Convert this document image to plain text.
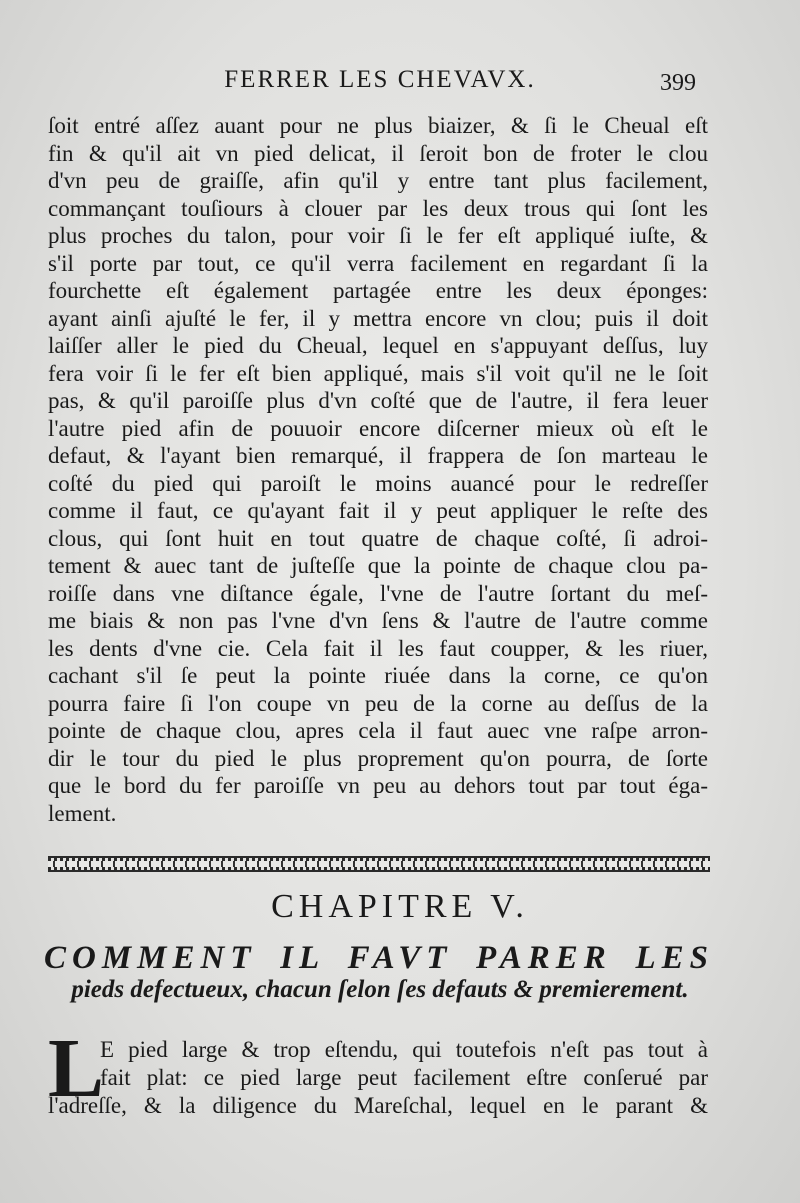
FERRER LES CHEVAVX.	399
ſoit entré aſſez auant pour ne plus biaizer, & ſi le Cheual eſt
fin & qu'il ait vn pied delicat, il ſeroit bon de froter le clou
d'vn peu de graiſſe, afin qu'il y entre tant plus facilement,
commançant touſiours à clouer par les deux trous qui ſont les
plus proches du talon, pour voir ſi le fer eſt appliqué iuſte, &
s'il porte par tout, ce qu'il verra facilement en regardant ſi la
fourchette eſt également partagée entre les deux éponges:
ayant ainſi ajuſté le fer, il y mettra encore vn clou; puis il doit
laiſſer aller le pied du Cheual, lequel en s'appuyant deſſus, luy
fera voir ſi le fer eſt bien appliqué, mais s'il voit qu'il ne le ſoit
pas, & qu'il paroiſſe plus d'vn coſté que de l'autre, il fera leuer
l'autre pied afin de pouuoir encore diſcerner mieux où eſt le
defaut, & l'ayant bien remarqué, il frappera de ſon marteau le
coſté du pied qui paroiſt le moins auancé pour le redreſſer
comme il faut, ce qu'ayant fait il y peut appliquer le reſte des
clous, qui ſont huit en tout quatre de chaque coſté, ſi adroi-
tement & auec tant de juſteſſe que la pointe de chaque clou pa-
roiſſe dans vne diſtance égale, l'vne de l'autre ſortant du meſ-
me biais & non pas l'vne d'vn ſens & l'autre de l'autre comme
les dents d'vne cie. Cela fait il les faut coupper, & les riuer,
cachant s'il ſe peut la pointe riuée dans la corne, ce qu'on
pourra faire ſi l'on coupe vn peu de la corne au deſſus de la
pointe de chaque clou, apres cela il faut auec vne raſpe arron-
dir le tour du pied le plus proprement qu'on pourra, de ſorte
que le bord du fer paroiſſe vn peu au dehors tout par tout éga-
lement.
CHAPITRE V.
COMMENT IL FAVT PARER LES
pieds defectueux, chacun ſelon ſes defauts & premierement.
L
E pied large & trop eſtendu, qui toutefois n'eſt pas tout à
fait plat: ce pied large peut facilement eſtre conſerué par
l'adreſſe, & la diligence du Mareſchal, lequel en le parant &
